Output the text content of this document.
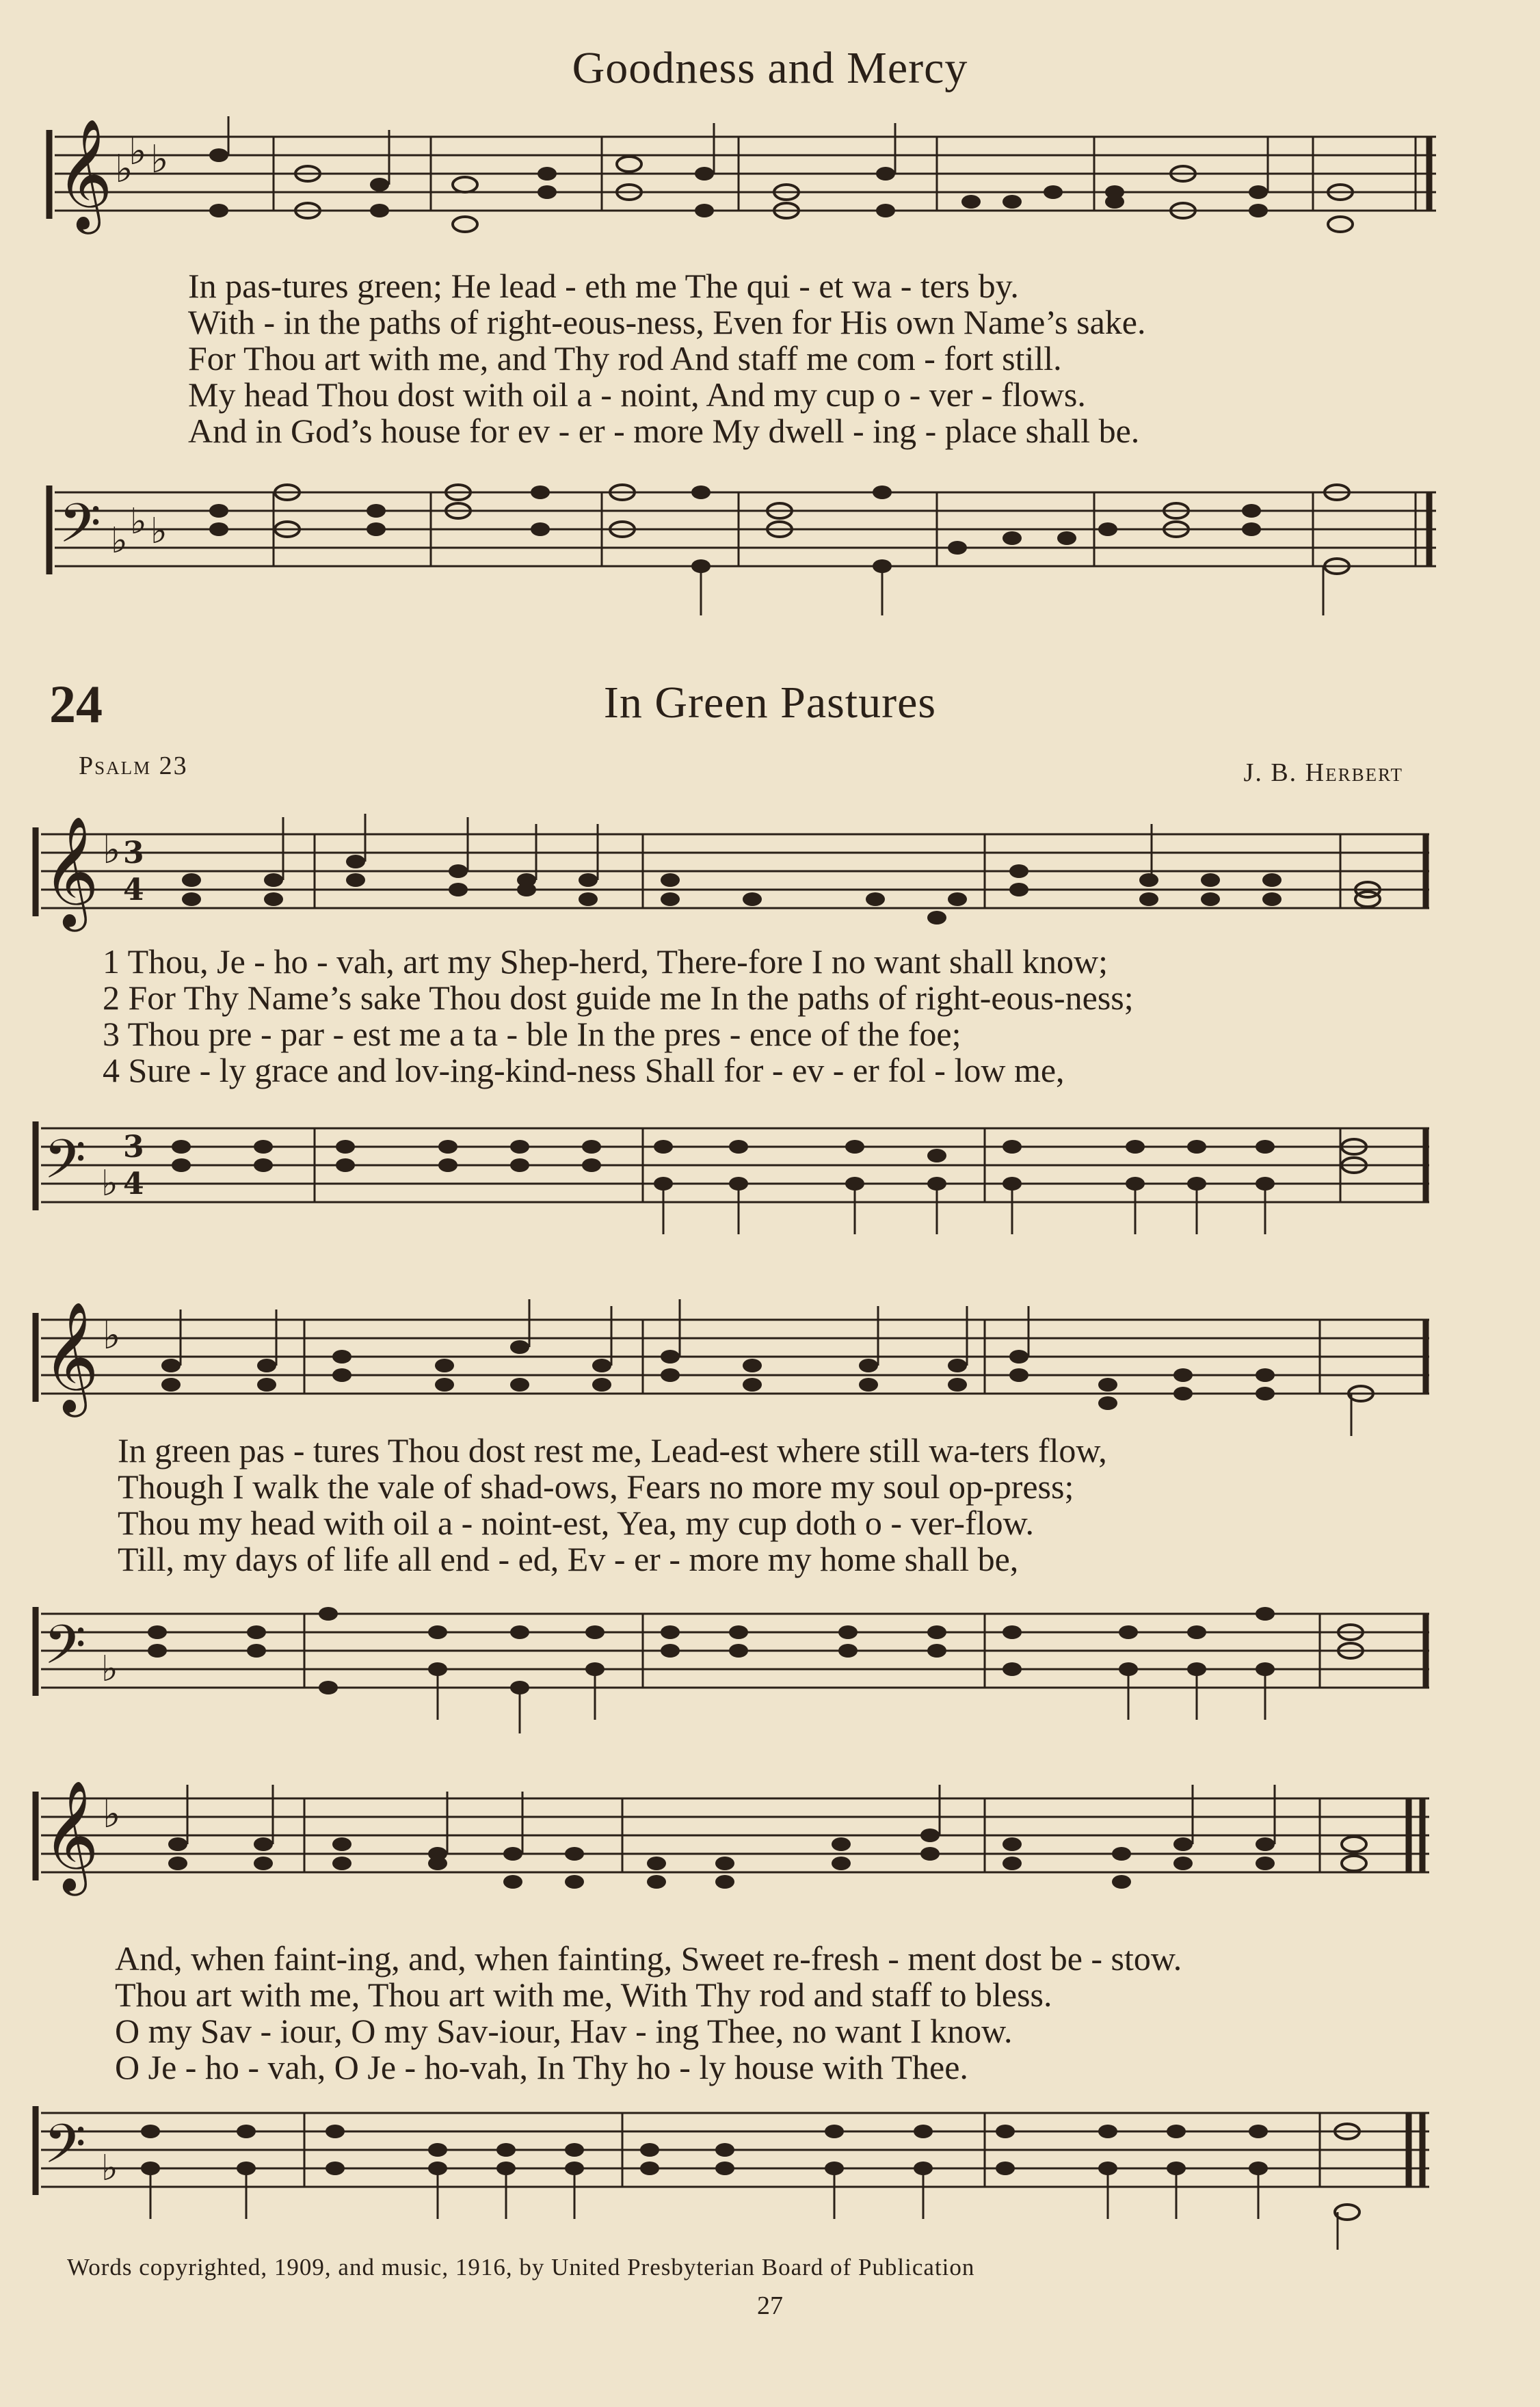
Goodness and Mercy
𝄞 ♭ ♭
♭
In pas-tures green; He lead - eth me The qui - et wa - ters by.
With - in the paths of right-eous-ness, Even for His own Name’s sake.
For Thou art with me, and Thy rod And staff me com - fort still.
My head Thou dost with oil a - noint, And my cup o - ver - flows.
And in God’s house for ev - er - more My dwell - ing - place shall be.
𝄢 ♭ ♭
♭
24	In Green Pastures
Psalm 23	J. B. Herbert
𝄞 ♭ 3
4
1 Thou, Je - ho - vah, art my Shep-herd, There-fore I no want shall know;
2 For Thy Name’s sake Thou dost guide me In the paths of right-eous-ness;
3 Thou pre - par - est me a ta - ble In the pres - ence of the foe;
4 Sure - ly grace and lov-ing-kind-ness Shall for - ev - er fol - low me,
𝄢 ♭
3
4
𝄞 ♭
In green pas - tures Thou dost rest me, Lead-est where still wa-ters flow,
Though I walk the vale of shad-ows, Fears no more my soul op-press;
Thou my head with oil a - noint-est, Yea, my cup doth o - ver-flow.
Till, my days of life all end - ed, Ev - er - more my home shall be,
𝄢 ♭
𝄞 ♭
And, when faint-ing, and, when fainting, Sweet re-fresh - ment dost be - stow.
Thou art with me, Thou art with me, With Thy rod and staff to bless.
O my Sav - iour, O my Sav-iour, Hav - ing Thee, no want I know.
O Je - ho - vah, O Je - ho-vah, In Thy ho - ly house with Thee.
𝄢 ♭
Words copyrighted, 1909, and music, 1916, by United Presbyterian Board of Publication
27
